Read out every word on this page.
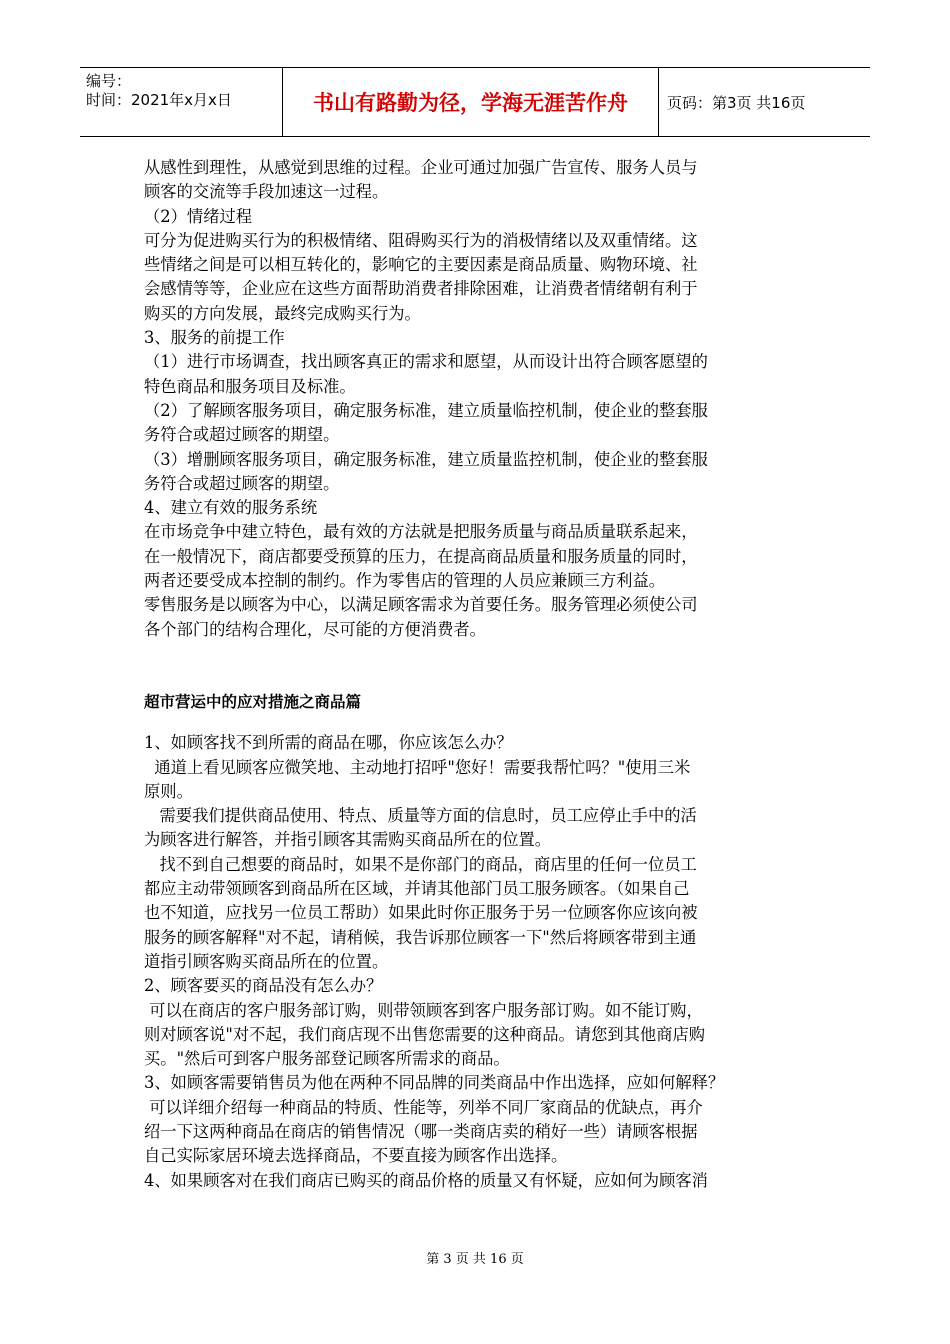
编号：
时间：2021年x月x日	书山有路勤为径，学海无涯苦作舟	页码：第3页 共16页
从感性到理性，从感觉到思维的过程。企业可通过加强广告宣传、服务人员与
顾客的交流等手段加速这一过程。
（2）情绪过程
可分为促进购买行为的积极情绪、阻碍购买行为的消极情绪以及双重情绪。这
些情绪之间是可以相互转化的，影响它的主要因素是商品质量、购物环境、社
会感情等等，企业应在这些方面帮助消费者排除困难，让消费者情绪朝有利于
购买的方向发展，最终完成购买行为。
3、服务的前提工作
（1）进行市场调查，找出顾客真正的需求和愿望，从而设计出符合顾客愿望的
特色商品和服务项目及标准。
（2）了解顾客服务项目，确定服务标准，建立质量临控机制，使企业的整套服
务符合或超过顾客的期望。
（3）增删顾客服务项目，确定服务标准，建立质量监控机制，使企业的整套服
务符合或超过顾客的期望。
4、建立有效的服务系统
在市场竞争中建立特色，最有效的方法就是把服务质量与商品质量联系起来，
在一般情况下，商店都要受预算的压力，在提高商品质量和服务质量的同时，
两者还要受成本控制的制约。作为零售店的管理的人员应兼顾三方利益。
零售服务是以顾客为中心，以满足顾客需求为首要任务。服务管理必须使公司
各个部门的结构合理化，尽可能的方便消费者。
超市营运中的应对措施之商品篇
1、如顾客找不到所需的商品在哪，你应该怎么办？
通道上看见顾客应微笑地、主动地打招呼"您好！需要我帮忙吗？"使用三米
原则。
需要我们提供商品使用、特点、质量等方面的信息时，员工应停止手中的活
为顾客进行解答，并指引顾客其需购买商品所在的位置。
找不到自己想要的商品时，如果不是你部门的商品，商店里的任何一位员工
都应主动带领顾客到商品所在区域，并请其他部门员工服务顾客。（如果自己
也不知道，应找另一位员工帮助）如果此时你正服务于另一位顾客你应该向被
服务的顾客解释"对不起，请稍候，我告诉那位顾客一下"然后将顾客带到主通
道指引顾客购买商品所在的位置。
2、顾客要买的商品没有怎么办？
可以在商店的客户服务部订购，则带领顾客到客户服务部订购。如不能订购，
则对顾客说"对不起，我们商店现不出售您需要的这种商品。请您到其他商店购
买。"然后可到客户服务部登记顾客所需求的商品。
3、如顾客需要销售员为他在两种不同品牌的同类商品中作出选择，应如何解释？
可以详细介绍每一种商品的特质、性能等，列举不同厂家商品的优缺点，再介
绍一下这两种商品在商店的销售情况（哪一类商店卖的稍好一些）请顾客根据
自己实际家居环境去选择商品，不要直接为顾客作出选择。
4、如果顾客对在我们商店已购买的商品价格的质量又有怀疑，应如何为顾客消
第 3 页 共 16 页
